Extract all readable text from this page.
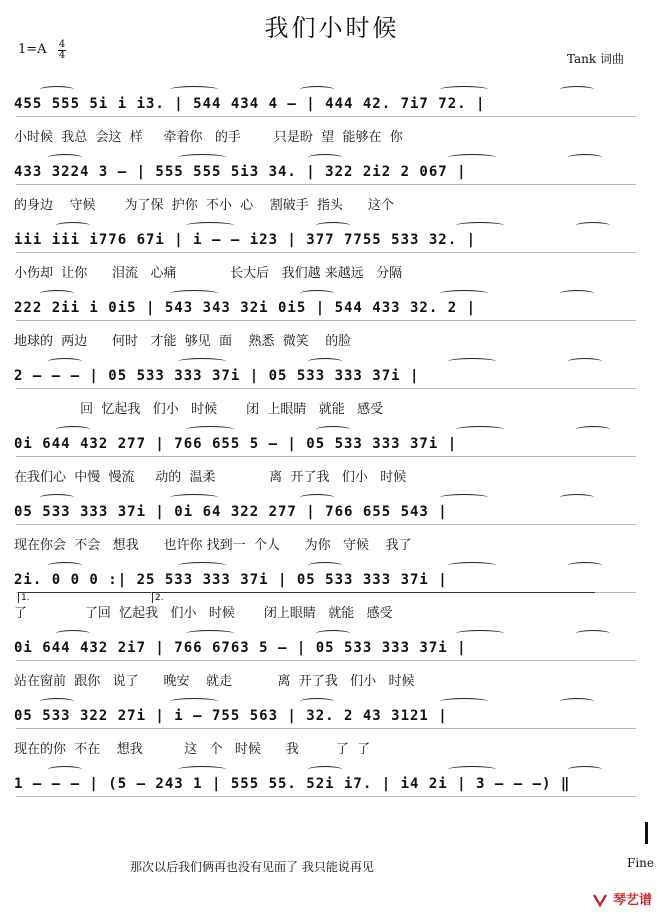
我们小时候
1=A 4
4	Tank 词曲
455 555 5i i i3. | 544 434 4 – | 444 42. 7i7 72. |
小时候  我总  会这  样     牵着你   的手        只是盼  望  能够在  你
433 3224 3 – | 555 555 5i3 34. | 322 2i2 2 067 |
的身边    守候       为了保  护你  不小  心    割破手  指头      这个
iii iii i776 67i | i – – i23 | 377 7755 533 32. |
小伤却  让你      泪流   心痛             长大后   我们越 来越远   分隔
222 2ii i 0i5 | 543 343 32i 0i5 | 544 433 32. 2 |
地球的  两边      何时   才能  够见  面    熟悉  微笑    的脸
2 – – – | 05 533 333 37i | 05 533 333 37i |
回  忆起我   们小   时候       闭  上眼睛   就能   感受
0i 644 432 277 | 766 655 5 – | 05 533 333 37i |
在我们心  中慢  慢流     动的  温柔             离  开了我   们小   时候
05 533 333 37i | 0i 64 322 277 | 766 655 543 |
现在你会  不会   想我      也许你 找到一  个人      为你   守候    我了
2i. 0 0 0 :| 25 533 333 37i | 05 533 333 37i |
了              了回  忆起我   们小   时候       闭上眼睛   就能   感受
0i 644 432 2i7 | 766 6763 5 – | 05 533 333 37i |
站在窗前  跟你   说了      晚安    就走           离  开了我   们小   时候
05 533 322 27i | i – 755 563 | 32. 2 43 3121 |
现在的你  不在    想我          这   个   时候      我         了  了
1 – – – | (5 – 243 1 | 555 55. 52i i7. | i4 2i | 3 – – –) ‖
1.	2.
那次以后我们俩再也没有见面了 我只能说再见	Fine
琴艺谱
